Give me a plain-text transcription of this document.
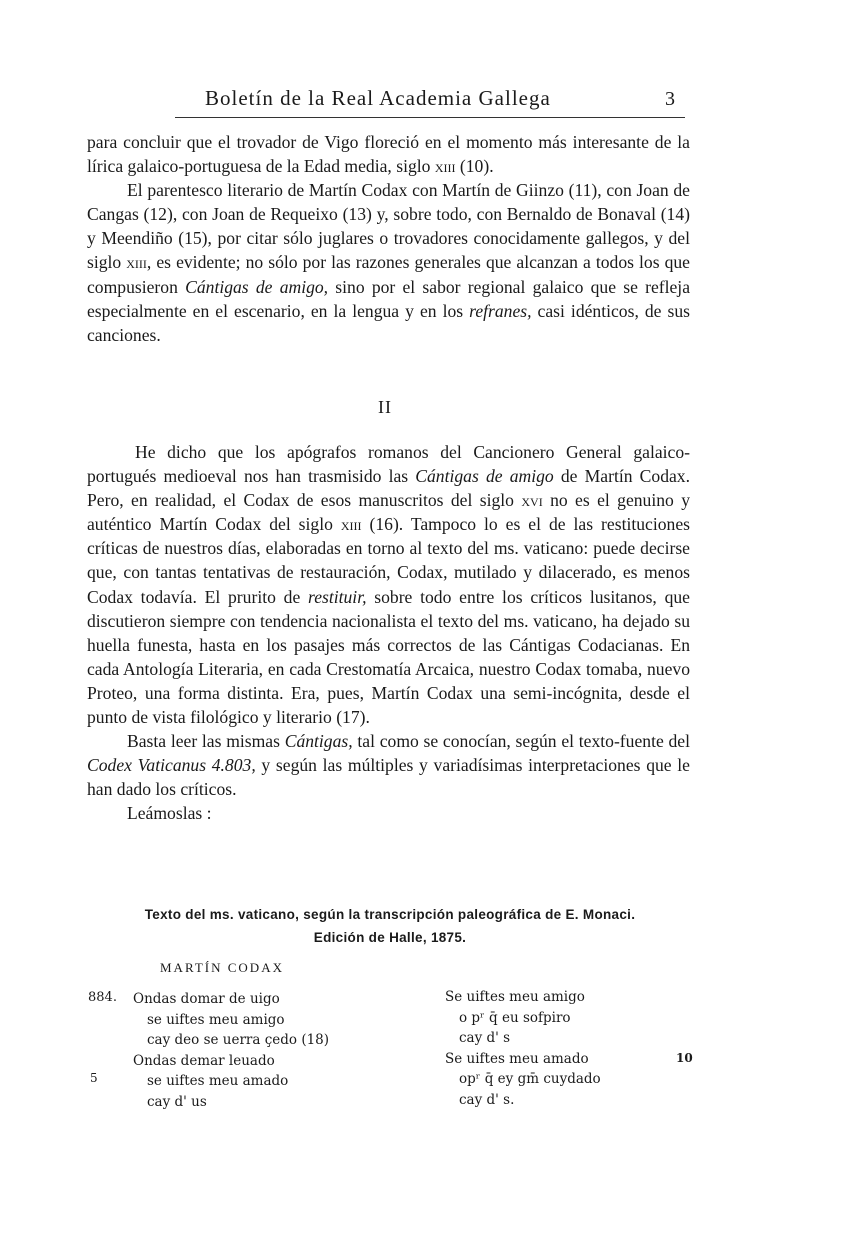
Boletín de la Real Academia Gallega	3

para concluir que el trovador de Vigo floreció en el momento más interesante de la lírica galaico-portuguesa de la Edad media, siglo xiii (10).

El parentesco literario de Martín Codax con Martín de Giinzo (11), con Joan de Cangas (12), con Joan de Requeixo (13) y, sobre todo, con Bernaldo de Bonaval (14) y Meendiño (15), por citar sólo juglares o trovadores conocidamente gallegos, y del siglo xiii, es evidente; no sólo por las razones generales que alcanzan a todos los que compusieron Cántigas de amigo, sino por el sabor regional galaico que se refleja especialmente en el escenario, en la lengua y en los refranes, casi idénticos, de sus canciones.

II

He dicho que los apógrafos romanos del Cancionero General galaico-portugués medioeval nos han trasmisido las Cántigas de amigo de Martín Codax. Pero, en realidad, el Codax de esos manuscritos del siglo xvi no es el genuino y auténtico Martín Codax del siglo xiii (16). Tampoco lo es el de las restituciones críticas de nuestros días, elaboradas en torno al texto del ms. vaticano: puede decirse que, con tantas tentativas de restauración, Codax, mutilado y dilacerado, es menos Codax todavía. El prurito de restituir, sobre todo entre los críticos lusitanos, que discutieron siempre con tendencia nacionalista el texto del ms. vaticano, ha dejado su huella funesta, hasta en los pasajes más correctos de las Cántigas Codacianas. En cada Antología Literaria, en cada Crestomatía Arcaica, nuestro Codax tomaba, nuevo Proteo, una forma distinta. Era, pues, Martín Codax una semi-incógnita, desde el punto de vista filológico y literario (17).

Basta leer las mismas Cántigas, tal como se conocían, según el texto-fuente del Codex Vaticanus 4.803, y según las múltiples y variadísimas interpretaciones que le han dado los críticos.

Leámoslas :

Texto del ms. vaticano, según la transcripción paleográfica de E. Monaci.
Edición de Halle, 1875.
MARTÍN CODAX
884.
5
10
Ondas domar de uigo
se uiftes meu amigo
cay deo se uerra çedo (18)
Ondas demar leuado
se uiftes meu amado
cay d' us
Se uiftes meu amigo
o pʳ q̄ eu sofpiro
cay d' s
Se uiftes meu amado
opʳ q̄ ey gm̄ cuydado
cay d' s.
